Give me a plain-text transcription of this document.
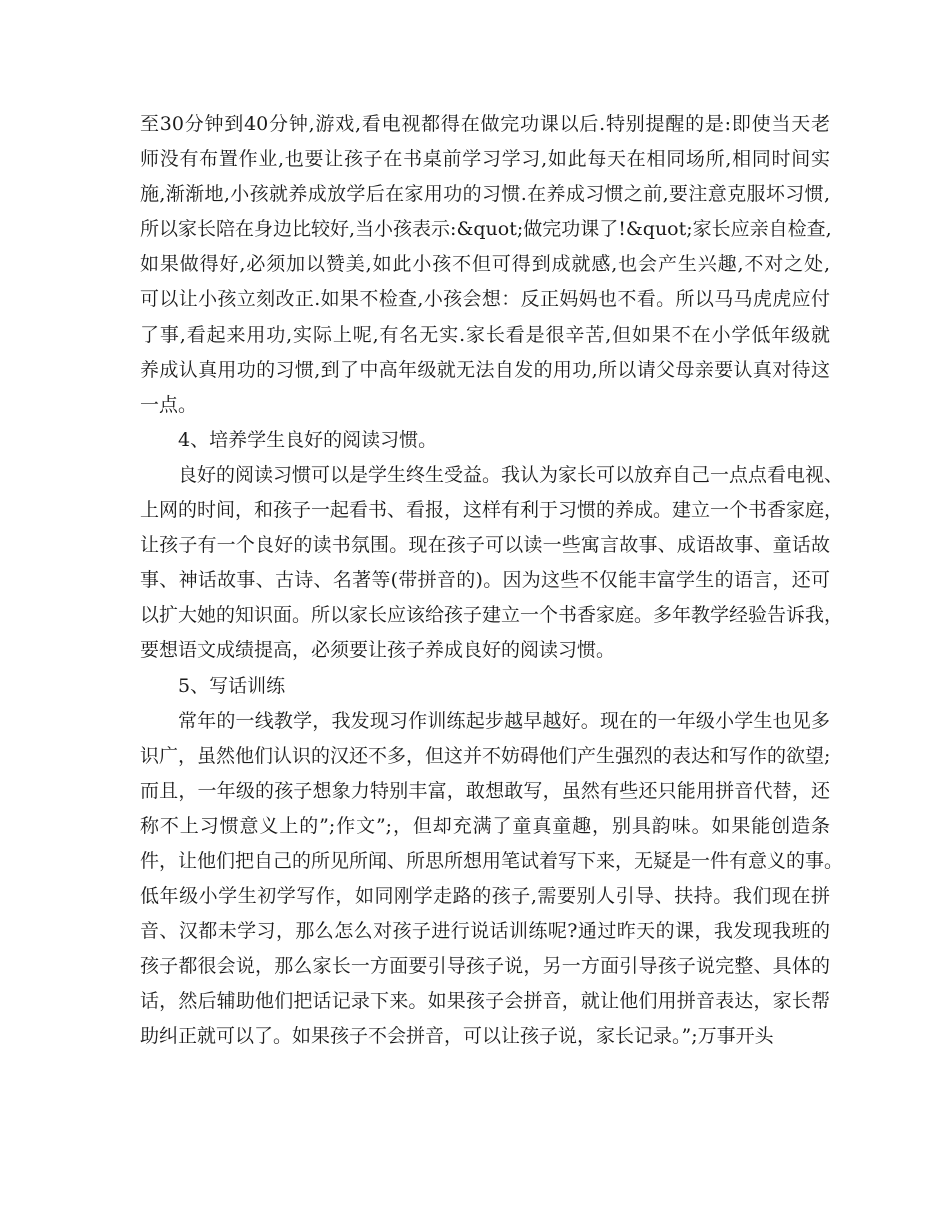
至30分钟到40分钟,游戏,看电视都得在做完功课以后.特别提醒的是:即使当天老
师没有布置作业,也要让孩子在书桌前学习学习,如此每天在相同场所,相同时间实
施,渐渐地,小孩就养成放学后在家用功的习惯.在养成习惯之前,要注意克服坏习惯,
所以家长陪在身边比较好,当小孩表示:&quot;做完功课了!&quot;家长应亲自检查,
如果做得好,必须加以赞美,如此小孩不但可得到成就感,也会产生兴趣,不对之处,
可以让小孩立刻改正.如果不检查,小孩会想：反正妈妈也不看。所以马马虎虎应付
了事,看起来用功,实际上呢,有名无实.家长看是很辛苦,但如果不在小学低年级就
养成认真用功的习惯,到了中高年级就无法自发的用功,所以请父母亲要认真对待这
一点。
4、培养学生良好的阅读习惯。
良好的阅读习惯可以是学生终生受益。我认为家长可以放弃自己一点点看电视、
上网的时间，和孩子一起看书、看报，这样有利于习惯的养成。建立一个书香家庭，
让孩子有一个良好的读书氛围。现在孩子可以读一些寓言故事、成语故事、童话故
事、神话故事、古诗、名著等(带拼音的)。因为这些不仅能丰富学生的语言，还可
以扩大她的知识面。所以家长应该给孩子建立一个书香家庭。多年教学经验告诉我，
要想语文成绩提高，必须要让孩子养成良好的阅读习惯。
5、写话训练
常年的一线教学，我发现习作训练起步越早越好。现在的一年级小学生也见多
识广，虽然他们认识的汉还不多，但这并不妨碍他们产生强烈的表达和写作的欲望;
而且，一年级的孩子想象力特别丰富，敢想敢写，虽然有些还只能用拼音代替，还
称不上习惯意义上的”;作文”;，但却充满了童真童趣，别具韵味。如果能创造条
件，让他们把自己的所见所闻、所思所想用笔试着写下来，无疑是一件有意义的事。
低年级小学生初学写作，如同刚学走路的孩子,需要别人引导、扶持。我们现在拼
音、汉都未学习，那么怎么对孩子进行说话训练呢?通过昨天的课，我发现我班的
孩子都很会说，那么家长一方面要引导孩子说，另一方面引导孩子说完整、具体的
话，然后辅助他们把话记录下来。如果孩子会拼音，就让他们用拼音表达，家长帮
助纠正就可以了。如果孩子不会拼音，可以让孩子说，家长记录。”;万事开头
